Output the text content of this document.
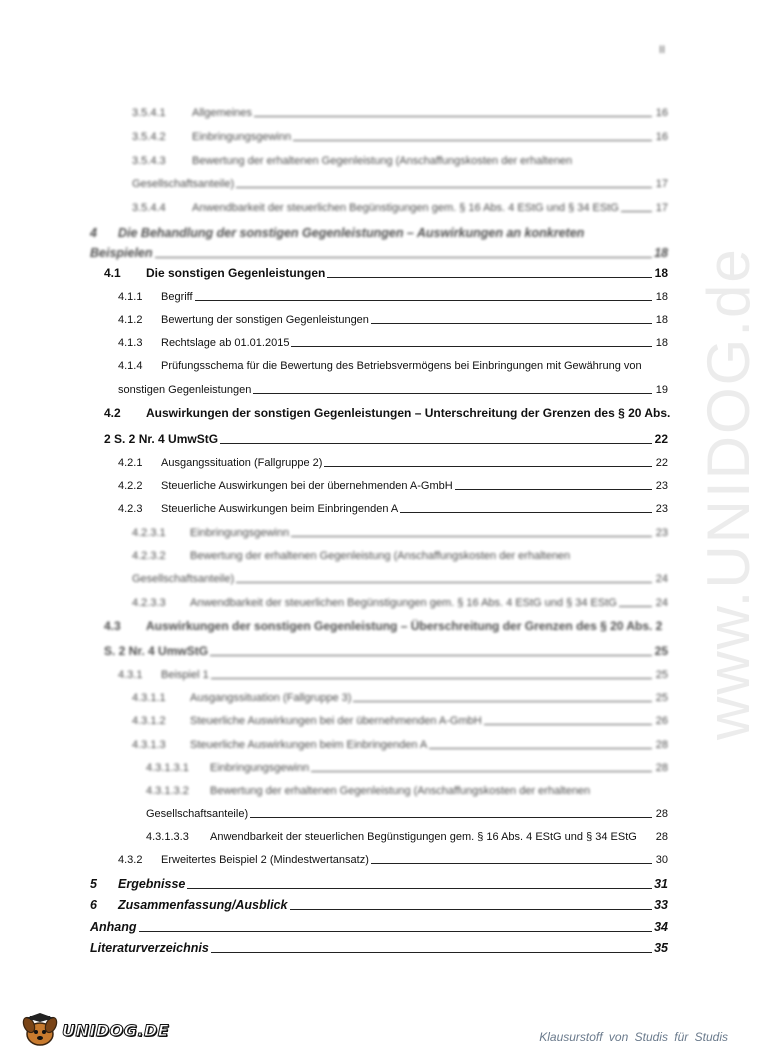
II
www.UNIDOG.de
3.5.4.1	Allgemeines	16
3.5.4.2	Einbringungsgewinn	16
3.5.4.3	Bewertung der erhaltenen Gegenleistung (Anschaffungskosten der erhaltenen
Gesellschaftsanteile)	17
3.5.4.4	Anwendbarkeit der steuerlichen Begünstigungen gem. § 16 Abs. 4 EStG und § 34 EStG	17
4	Die Behandlung der sonstigen Gegenleistungen – Auswirkungen an konkreten
Beispielen	18
4.1	Die sonstigen Gegenleistungen	18
4.1.1	Begriff	18
4.1.2	Bewertung der sonstigen Gegenleistungen	18
4.1.3	Rechtslage ab 01.01.2015	18
4.1.4	Prüfungsschema für die Bewertung des Betriebsvermögens bei Einbringungen mit Gewährung von
sonstigen Gegenleistungen	19
4.2	Auswirkungen der sonstigen Gegenleistungen – Unterschreitung der Grenzen des § 20 Abs.
2 S. 2 Nr. 4 UmwStG	22
4.2.1	Ausgangssituation (Fallgruppe 2)	22
4.2.2	Steuerliche Auswirkungen bei der übernehmenden A-GmbH	23
4.2.3	Steuerliche Auswirkungen beim Einbringenden A	23
4.2.3.1	Einbringungsgewinn	23
4.2.3.2	Bewertung der erhaltenen Gegenleistung (Anschaffungskosten der erhaltenen
Gesellschaftsanteile)	24
4.2.3.3	Anwendbarkeit der steuerlichen Begünstigungen gem. § 16 Abs. 4 EStG und § 34 EStG	24
4.3	Auswirkungen der sonstigen Gegenleistung – Überschreitung der Grenzen des § 20 Abs. 2
S. 2 Nr. 4 UmwStG	25
4.3.1	Beispiel 1	25
4.3.1.1	Ausgangssituation (Fallgruppe 3)	25
4.3.1.2	Steuerliche Auswirkungen bei der übernehmenden A-GmbH	26
4.3.1.3	Steuerliche Auswirkungen beim Einbringenden A	28
4.3.1.3.1	Einbringungsgewinn	28
4.3.1.3.2	Bewertung der erhaltenen Gegenleistung (Anschaffungskosten der erhaltenen
Gesellschaftsanteile)	28
4.3.1.3.3	Anwendbarkeit der steuerlichen Begünstigungen gem. § 16 Abs. 4 EStG und § 34 EStG 28
4.3.2	Erweitertes Beispiel 2 (Mindestwertansatz)	30
5	Ergebnisse	31
6	Zusammenfassung/Ausblick	33
Anhang	34
Literaturverzeichnis	35
UNIDOG.DE	Klausurstoff von Studis für Studis
